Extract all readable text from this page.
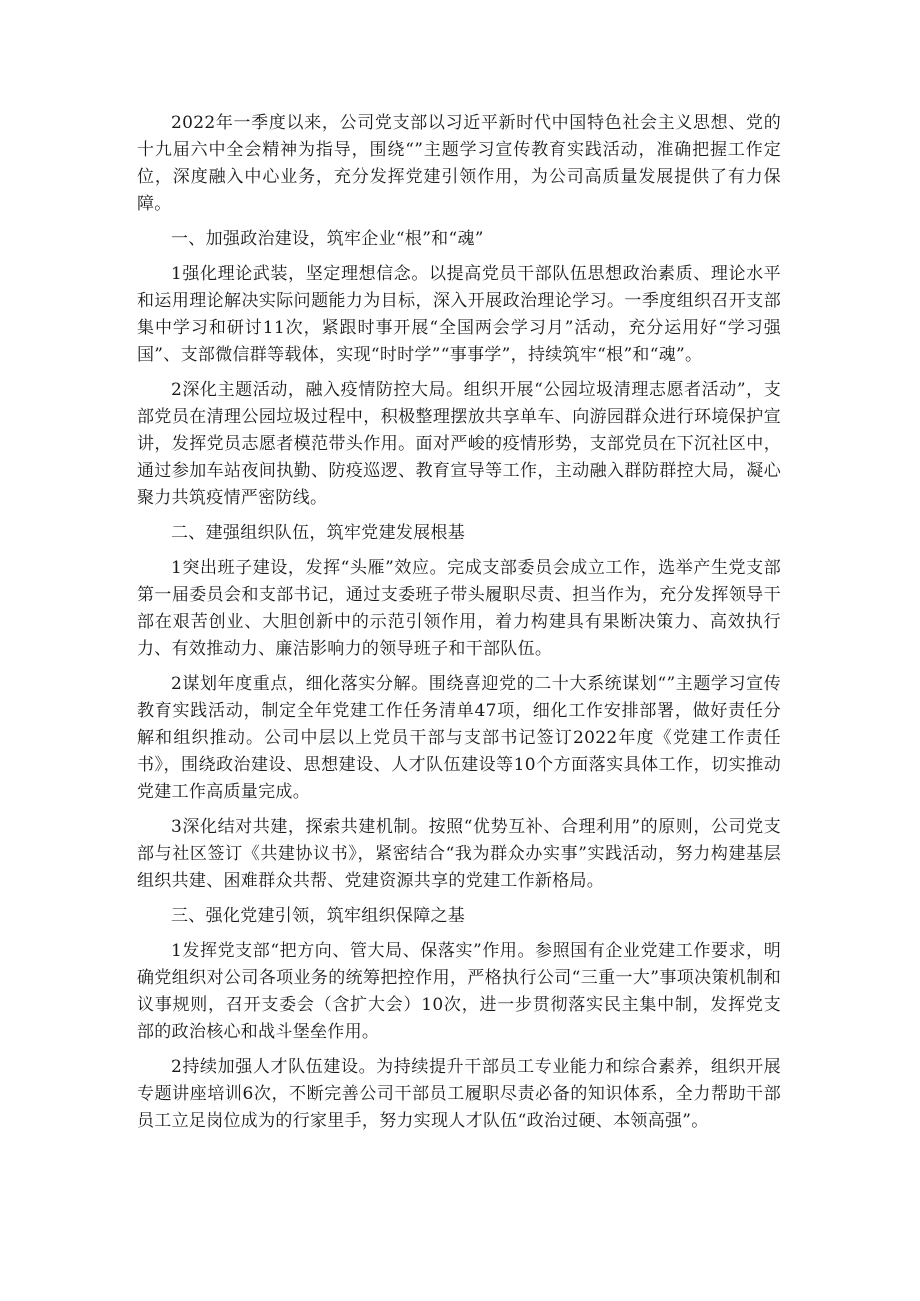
2022年一季度以来，公司党支部以习近平新时代中国特色社会主义思想、党的十九届六中全会精神为指导，围绕“”主题学习宣传教育实践活动，准确把握工作定位，深度融入中心业务，充分发挥党建引领作用，为公司高质量发展提供了有力保障。

一、加强政治建设，筑牢企业“根”和“魂”

1强化理论武装，坚定理想信念。以提高党员干部队伍思想政治素质、理论水平和运用理论解决实际问题能力为目标，深入开展政治理论学习。一季度组织召开支部集中学习和研讨11次，紧跟时事开展“全国两会学习月”活动，充分运用好“学习强国”、支部微信群等载体，实现“时时学”“事事学”，持续筑牢“根”和“魂”。

2深化主题活动，融入疫情防控大局。组织开展“公园垃圾清理志愿者活动”，支部党员在清理公园垃圾过程中，积极整理摆放共享单车、向游园群众进行环境保护宣讲，发挥党员志愿者模范带头作用。面对严峻的疫情形势，支部党员在下沉社区中，通过参加车站夜间执勤、防疫巡逻、教育宣导等工作，主动融入群防群控大局，凝心聚力共筑疫情严密防线。

二、建强组织队伍，筑牢党建发展根基

1突出班子建设，发挥“头雁”效应。完成支部委员会成立工作，选举产生党支部第一届委员会和支部书记，通过支委班子带头履职尽责、担当作为，充分发挥领导干部在艰苦创业、大胆创新中的示范引领作用，着力构建具有果断决策力、高效执行力、有效推动力、廉洁影响力的领导班子和干部队伍。

2谋划年度重点，细化落实分解。围绕喜迎党的二十大系统谋划“”主题学习宣传教育实践活动，制定全年党建工作任务清单47项，细化工作安排部署，做好责任分解和组织推动。公司中层以上党员干部与支部书记签订2022年度《党建工作责任书》，围绕政治建设、思想建设、人才队伍建设等10个方面落实具体工作，切实推动党建工作高质量完成。

3深化结对共建，探索共建机制。按照“优势互补、合理利用”的原则，公司党支部与社区签订《共建协议书》，紧密结合“我为群众办实事”实践活动，努力构建基层组织共建、困难群众共帮、党建资源共享的党建工作新格局。

三、强化党建引领，筑牢组织保障之基

1发挥党支部“把方向、管大局、保落实”作用。参照国有企业党建工作要求，明确党组织对公司各项业务的统筹把控作用，严格执行公司“三重一大”事项决策机制和议事规则，召开支委会（含扩大会）10次，进一步贯彻落实民主集中制，发挥党支部的政治核心和战斗堡垒作用。

2持续加强人才队伍建设。为持续提升干部员工专业能力和综合素养，组织开展专题讲座培训6次，不断完善公司干部员工履职尽责必备的知识体系，全力帮助干部员工立足岗位成为的行家里手，努力实现人才队伍“政治过硬、本领高强”。
